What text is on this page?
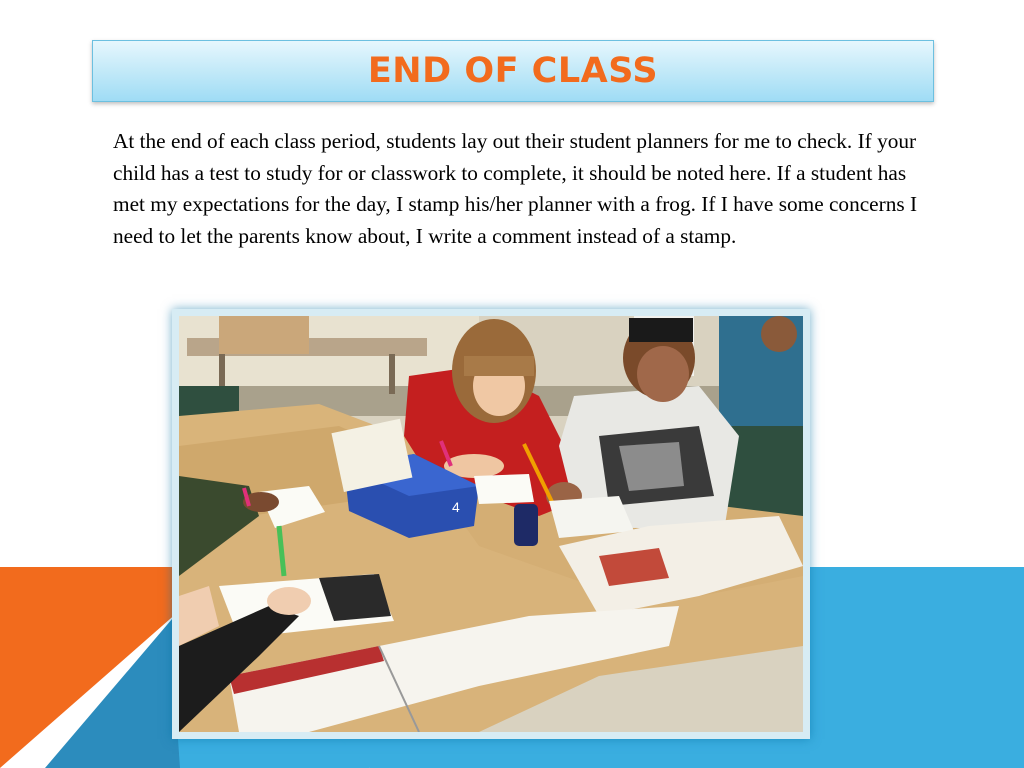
END OF CLASS

At the end of each class period, students lay out their student planners for me to check. If your child has a test to study for or classwork to complete, it should be noted here. If a student has met my expectations for the day, I stamp his/her planner with a frog. If I have some concerns I need to let the parents know about, I write a comment instead of a stamp.

4
